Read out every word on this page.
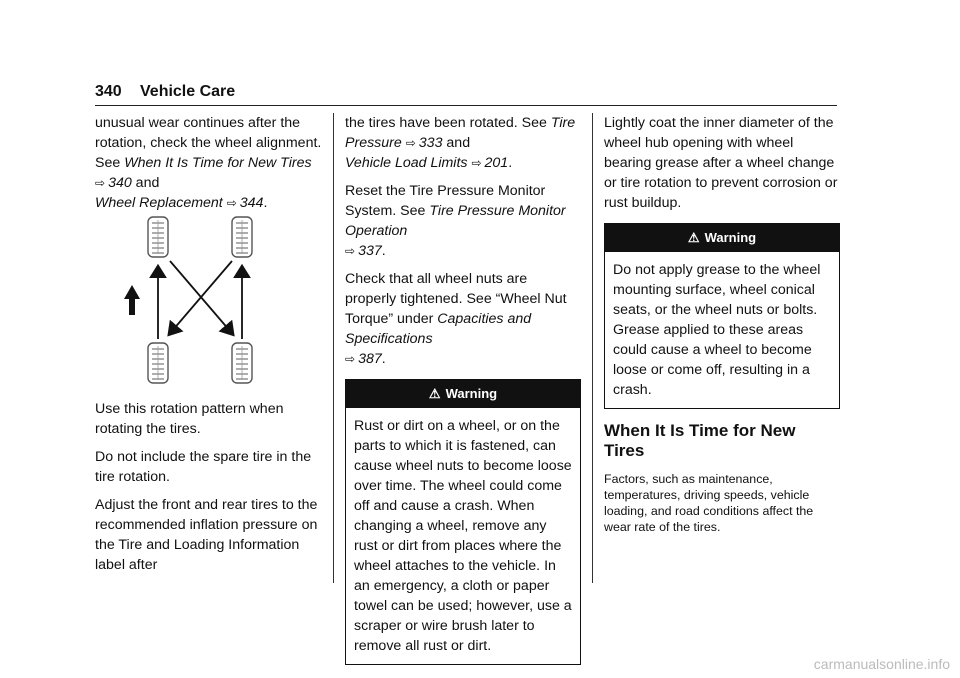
340 Vehicle Care

unusual wear continues after the rotation, check the wheel alignment. See When It Is Time for New Tires
⇨ 340 and
Wheel Replacement ⇨ 344.

Use this rotation pattern when rotating the tires.

Do not include the spare tire in the tire rotation.

Adjust the front and rear tires to the recommended inflation pressure on the Tire and Loading Information label after

the tires have been rotated. See Tire Pressure ⇨ 333 and
Vehicle Load Limits ⇨ 201.

Reset the Tire Pressure Monitor System. See Tire Pressure Monitor Operation
⇨ 337.

Check that all wheel nuts are properly tightened. See “Wheel Nut Torque” under Capacities and Specifications
⇨ 387.

⚠ Warning
Rust or dirt on a wheel, or on the parts to which it is fastened, can cause wheel nuts to become loose over time. The wheel could come off and cause a crash. When changing a wheel, remove any rust or dirt from places where the wheel attaches to the vehicle. In an emergency, a cloth or paper towel can be used; however, use a scraper or wire brush later to remove all rust or dirt.

Lightly coat the inner diameter of the wheel hub opening with wheel bearing grease after a wheel change or tire rotation to prevent corrosion or rust buildup.

⚠ Warning
Do not apply grease to the wheel mounting surface, wheel conical seats, or the wheel nuts or bolts. Grease applied to these areas could cause a wheel to become loose or come off, resulting in a crash.
When It Is Time for New Tires

Factors, such as maintenance, temperatures, driving speeds, vehicle loading, and road conditions affect the wear rate of the tires.

carmanualsonline.info
